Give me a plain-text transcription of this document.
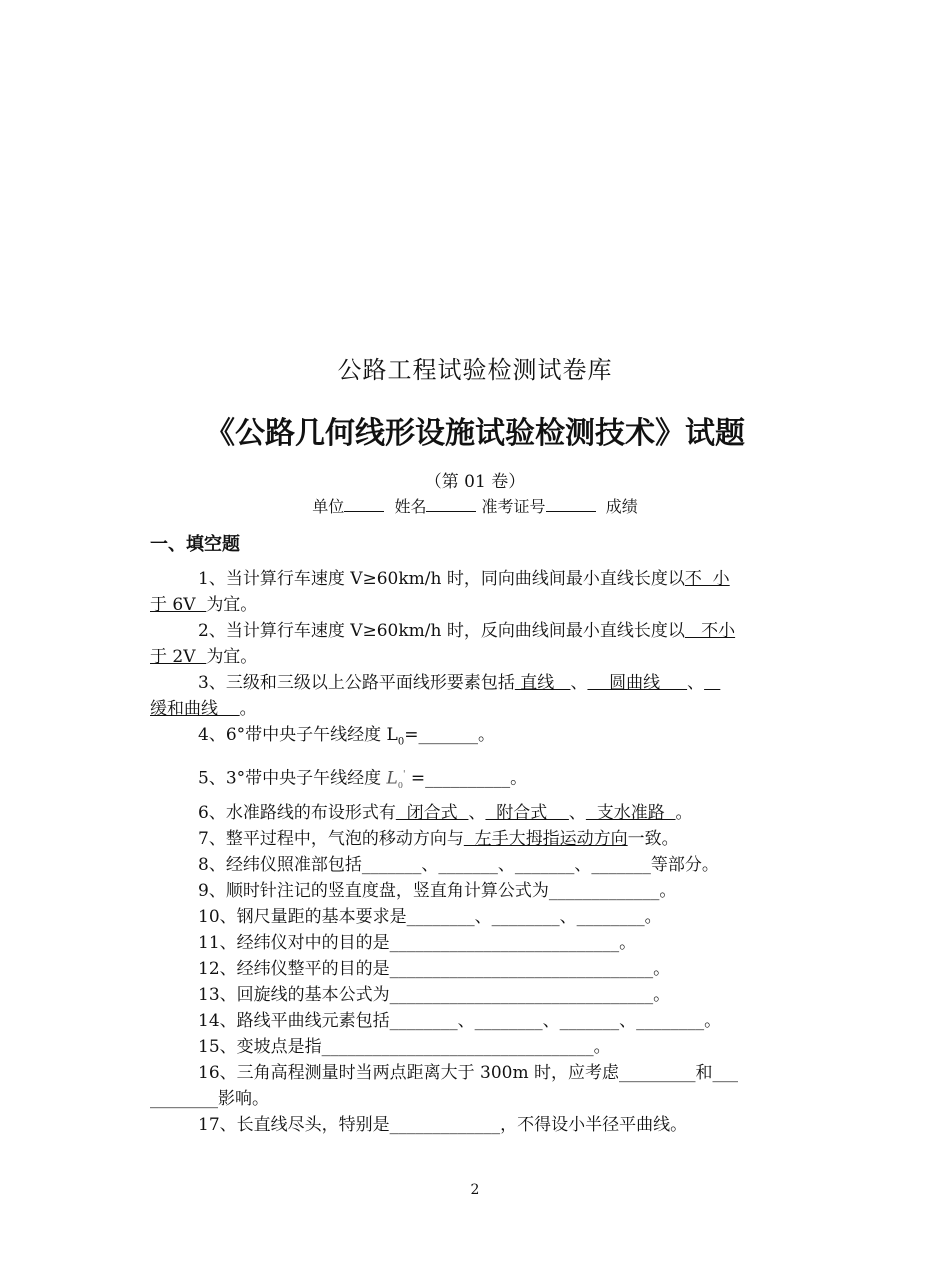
公路工程试验检测试卷库
《公路几何线形设施试验检测技术》试题
（第 01 卷）
单位	姓名	准考证号	成绩
一、填空题
1、当计算行车速度 V≥60km/h 时，同向曲线间最小直线长度以不  小
于 6V  为宜。
2、当计算行车速度 V≥60km/h 时，反向曲线间最小直线长度以   不小
于 2V  为宜。
3、三级和三级以上公路平面线形要素包括 直线   、    圆曲线     、
缓和曲线    。
4、6°带中央子午线经度 $L_0=\_\_\_\_\_\_\_$。
5、3°带中央子午线经度 $L_0'$ =__________。
6、水准路线的布设形式有  闭合式  、  附合式    、  支水准路  。
7、整平过程中，气泡的移动方向与  左手大拇指运动方向一致。
8、经纬仪照准部包括_______、_______、_______、_______等部分。
9、顺时针注记的竖直度盘，竖直角计算公式为_____________。
10、钢尺量距的基本要求是________、________、________。
11、经纬仪对中的目的是___________________________。
12、经纬仪整平的目的是_______________________________。
13、回旋线的基本公式为_______________________________。
14、路线平曲线元素包括________、________、_______、________。
15、变坡点是指________________________________。
16、三角高程测量时当两点距离大于 300m 时，应考虑_________和___
________影响。
17、长直线尽头，特别是_____________，不得设小半径平曲线。
2
